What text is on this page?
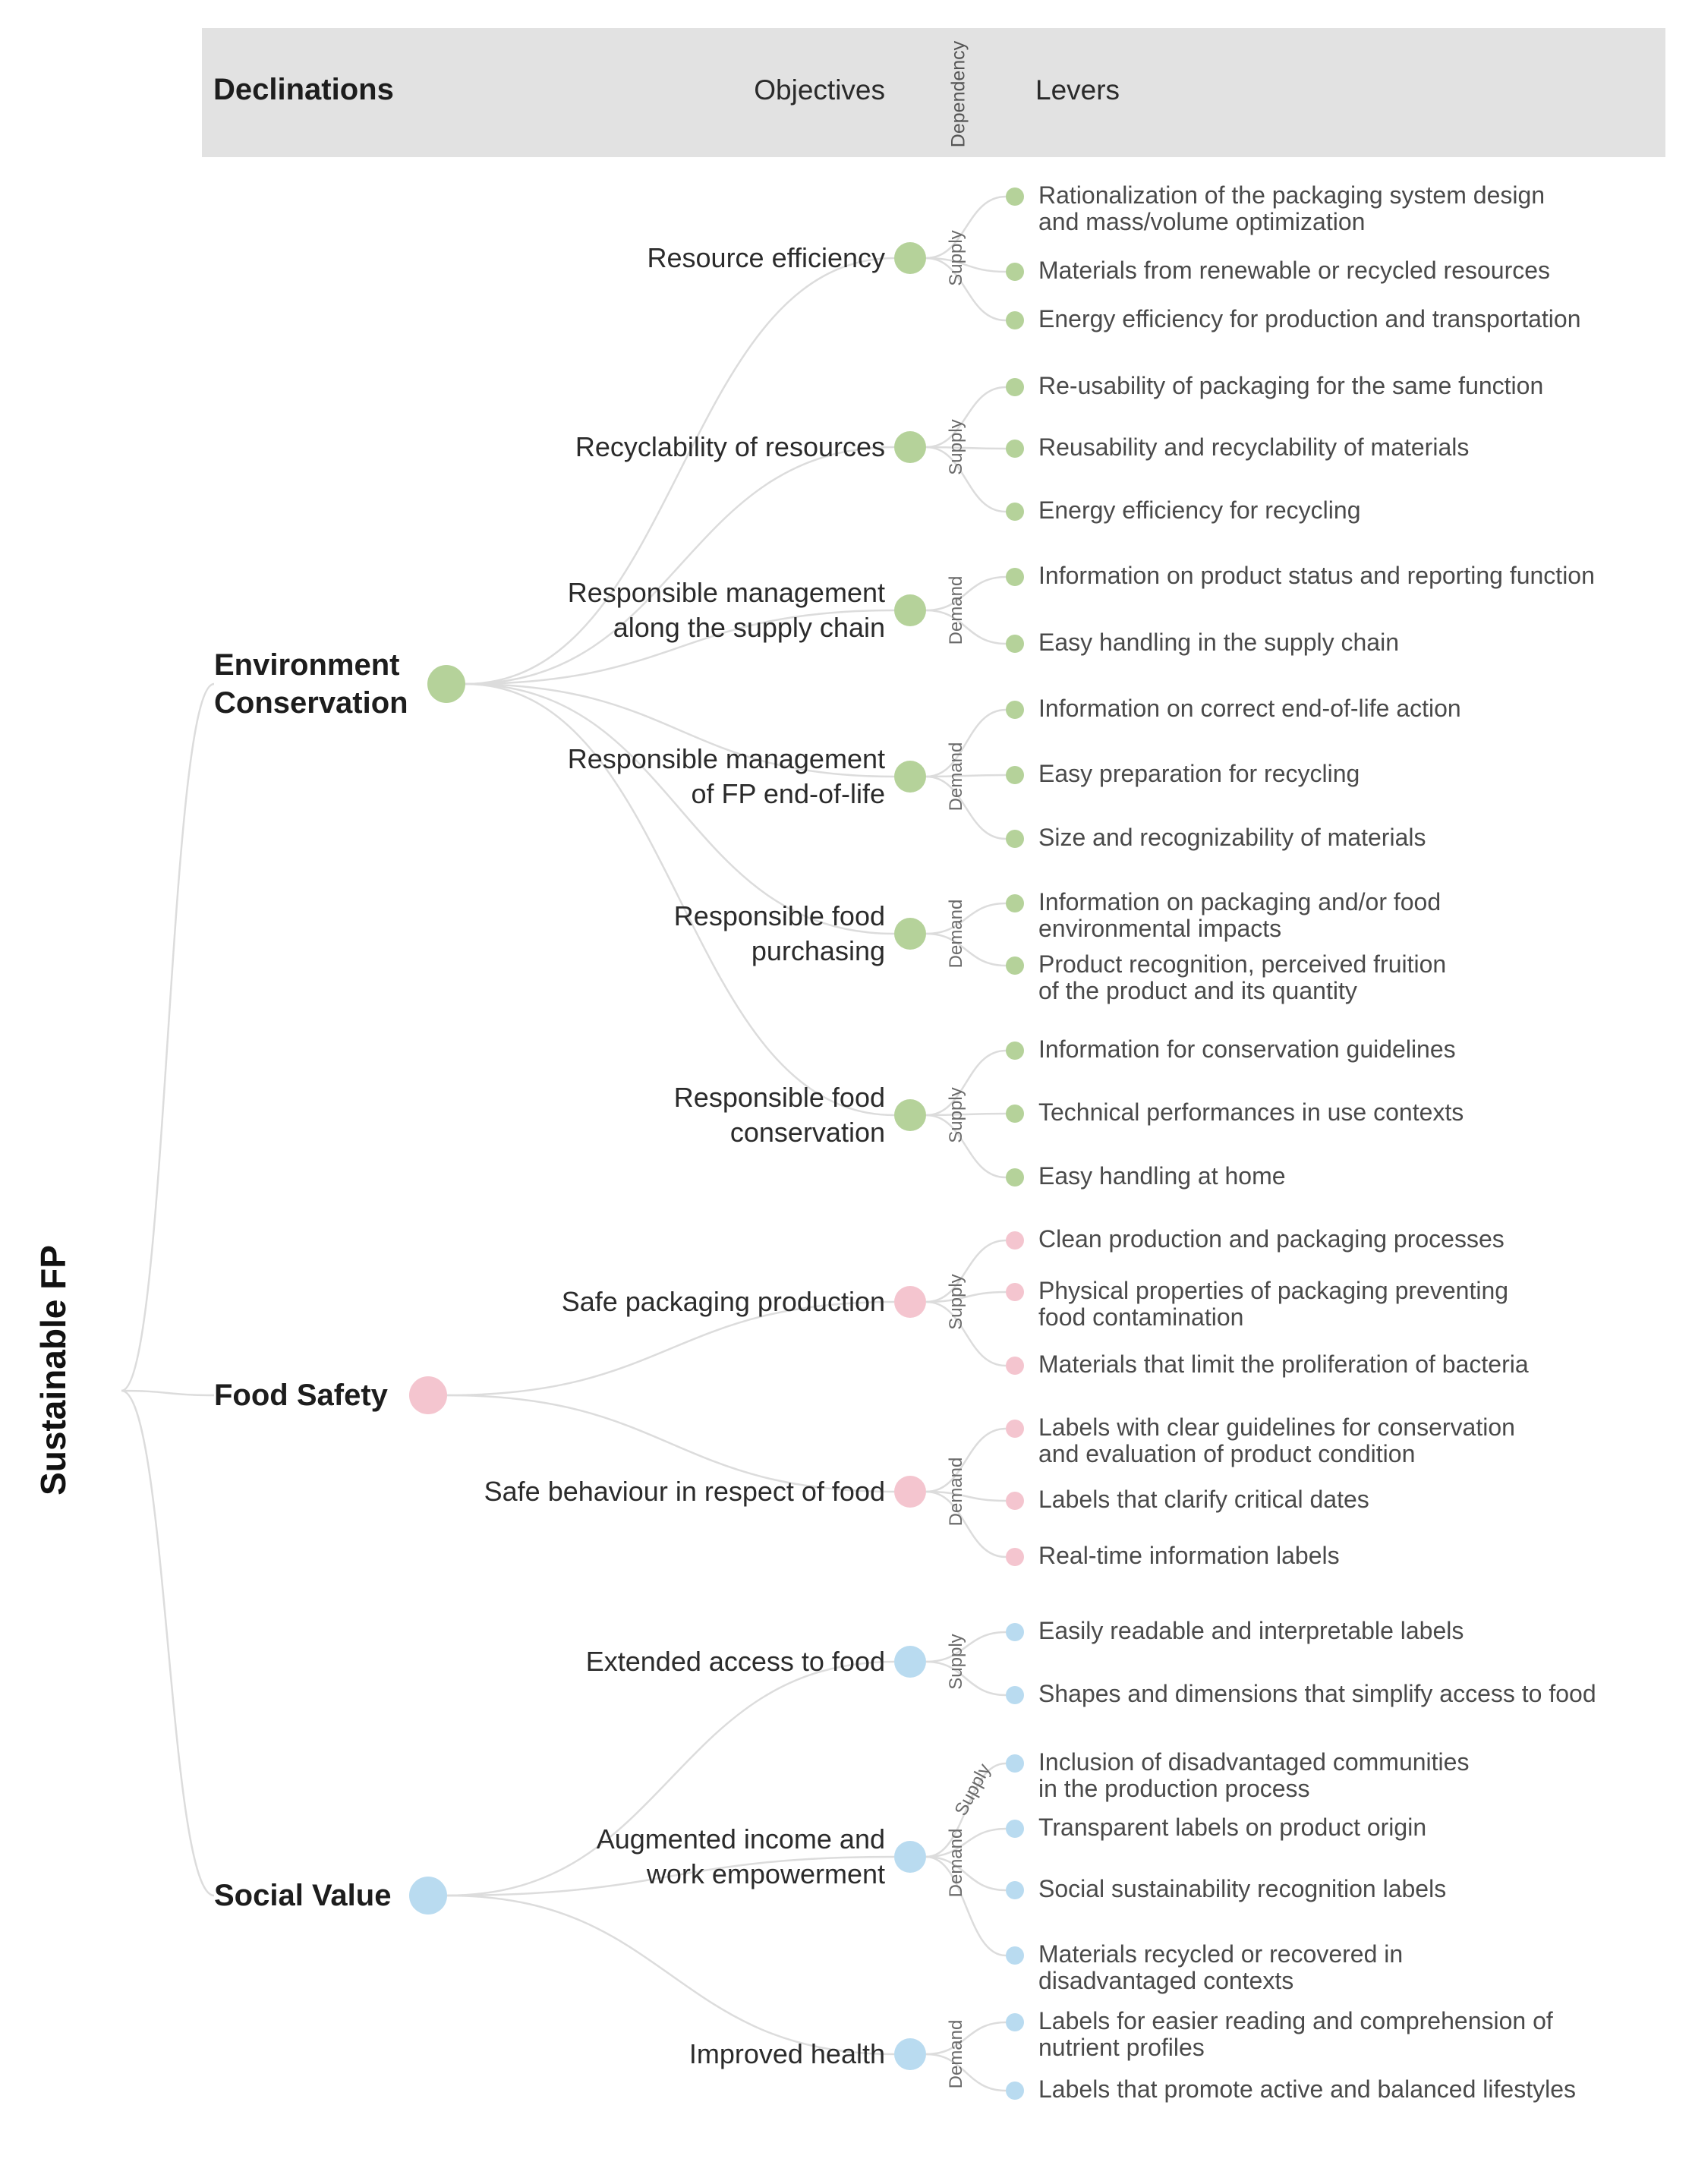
Declinations	Objectives	Dependency Levers
Sustainable FP
Environment
Conservation
Resource efficiency	Supply
Rationalization of the packaging system design
and mass/volume optimization
Materials from renewable or recycled resources
Energy efficiency for production and transportation
Recyclability of resources	Supply
Re-usability of packaging for the same function
Reusability and recyclability of materials
Energy efficiency for recycling
Responsible management
along the supply chain	Demand
Information on product status and reporting function
Easy handling in the supply chain
Responsible management
of FP end-of-life	Demand
Information on correct end-of-life action
Easy preparation for recycling
Size and recognizability of materials
Responsible food
purchasing	Demand	Information on packaging and/or food
environmental impacts
Product recognition, perceived fruition
of the product and its quantity
Responsible food
conservation	Supply
Information for conservation guidelines
Technical performances in use contexts
Easy handling at home
Food Safety
Safe packaging production	Supply
Clean production and packaging processes
Physical properties of packaging preventing
food contamination
Materials that limit the proliferation of bacteria
Safe behaviour in respect of food	Demand
Labels with clear guidelines for conservation
and evaluation of product condition
Labels that clarify critical dates
Real-time information labels
Social Value
Extended access to food	Supply
Easily readable and interpretable labels
Shapes and dimensions that simplify access to food
Augmented income and
work empowerment	Demand
Supply Inclusion of disadvantaged communities
in the production process
Transparent labels on product origin
Social sustainability recognition labels
Materials recycled or recovered in
disadvantaged contexts
Improved health	Demand	Labels for easier reading and comprehension of
nutrient profiles
Labels that promote active and balanced lifestyles
